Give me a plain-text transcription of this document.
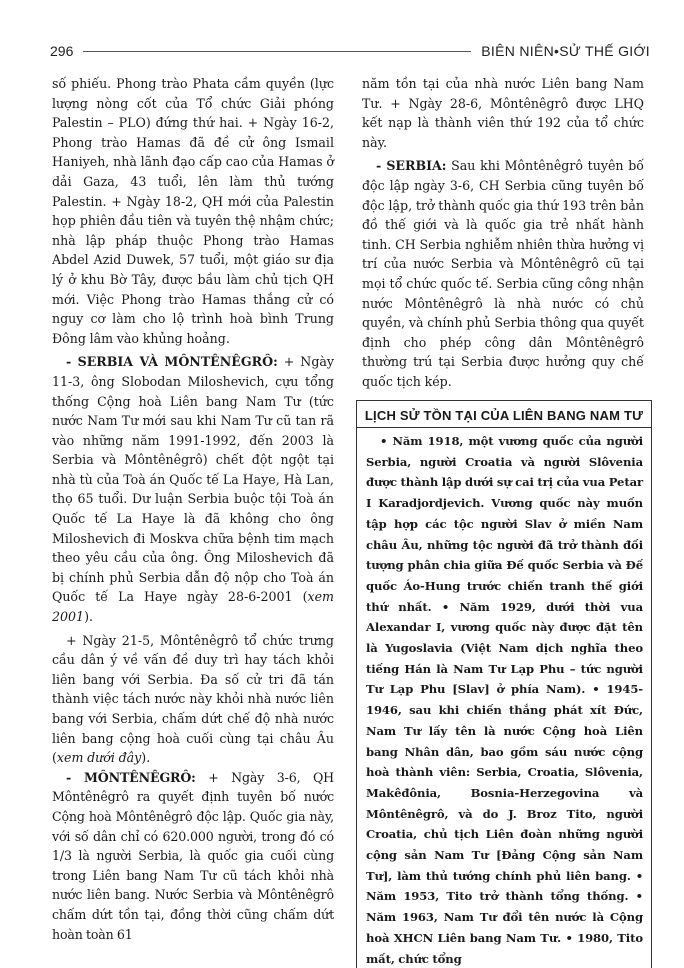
296	BIÊN NIÊN•SỬ THẾ GIỚI

số phiếu. Phong trào Phata cầm quyền (lực lượng nòng cốt của Tổ chức Giải phóng Palestin – PLO) đứng thứ hai. + Ngày 16-2, Phong trào Hamas đã đề cử ông Ismail Haniyeh, nhà lãnh đạo cấp cao của Hamas ở dải Gaza, 43 tuổi, lên làm thủ tướng Palestin. + Ngày 18-2, QH mới của Palestin họp phiên đầu tiên và tuyên thệ nhậm chức; nhà lập pháp thuộc Phong trào Hamas Abdel Azid Duwek, 57 tuổi, một giáo sư địa lý ở khu Bờ Tây, được bầu làm chủ tịch QH mới. Việc Phong trào Hamas thắng cử có nguy cơ làm cho lộ trình hoà bình Trung Đông lâm vào khủng hoảng.

- SERBIA VÀ MÔNTÊNÊGRÔ: + Ngày 11-3, ông Slobodan Miloshevich, cựu tổng thống Cộng hoà Liên bang Nam Tư (tức nước Nam Tư mới sau khi Nam Tư cũ tan rã vào những năm 1991-1992, đến 2003 là Serbia và Môntênêgrô) chết đột ngột tại nhà tù của Toà án Quốc tế La Haye, Hà Lan, thọ 65 tuổi. Dư luận Serbia buộc tội Toà án Quốc tế La Haye là đã không cho ông Miloshevich đi Moskva chữa bệnh tim mạch theo yêu cầu của ông. Ông Miloshevich đã bị chính phủ Serbia dẫn độ nộp cho Toà án Quốc tế La Haye ngày 28-6-2001 (xem 2001).

+ Ngày 21-5, Môntênêgrô tổ chức trưng cầu dân ý về vấn đề duy trì hay tách khỏi liên bang với Serbia. Đa số cử tri đã tán thành việc tách nước này khỏi nhà nước liên bang với Serbia, chấm dứt chế độ nhà nước liên bang cộng hoà cuối cùng tại châu Âu (xem dưới đây).

- MÔNTÊNÊGRÔ: + Ngày 3-6, QH Môntênêgrô ra quyết định tuyên bố nước Cộng hoà Môntênêgrô độc lập. Quốc gia này, với số dân chỉ có 620.000 người, trong đó có 1/3 là người Serbia, là quốc gia cuối cùng trong Liên bang Nam Tư cũ tách khỏi nhà nước liên bang. Nước Serbia và Môntênêgrô chấm dứt tồn tại, đồng thời cũng chấm dứt hoàn toàn 61

năm tồn tại của nhà nước Liên bang Nam Tư. + Ngày 28-6, Môntênêgrô được LHQ kết nạp là thành viên thứ 192 của tổ chức này.

- SERBIA: Sau khi Môntênêgrô tuyên bố độc lập ngày 3-6, CH Serbia cũng tuyên bố độc lập, trở thành quốc gia thứ 193 trên bản đồ thế giới và là quốc gia trẻ nhất hành tinh. CH Serbia nghiễm nhiên thừa hưởng vị trí của nước Serbia và Môntênêgrô cũ tại mọi tổ chức quốc tế. Serbia cũng công nhận nước Môntênêgrô là nhà nước có chủ quyền, và chính phủ Serbia thông qua quyết định cho phép công dân Môntênêgrô thường trú tại Serbia được hưởng quy chế quốc tịch kép.

LỊCH SỬ TỒN TẠI CỦA LIÊN BANG NAM TƯ

• Năm 1918, một vương quốc của người Serbia, người Croatia và người Slôvenia được thành lập dưới sự cai trị của vua Petar I Karadjordjevich. Vương quốc này muốn tập hợp các tộc người Slav ở miền Nam châu Âu, những tộc người đã trở thành đối tượng phân chia giữa Đế quốc Serbia và Đế quốc Áo-Hung trước chiến tranh thế giới thứ nhất. • Năm 1929, dưới thời vua Alexandar I, vương quốc này được đặt tên là Yugoslavia (Việt Nam dịch nghĩa theo tiếng Hán là Nam Tư Lạp Phu – tức người Tư Lạp Phu [Slav] ở phía Nam). • 1945-1946, sau khi chiến thắng phát xít Đức, Nam Tư lấy tên là nước Cộng hoà Liên bang Nhân dân, bao gồm sáu nước cộng hoà thành viên: Serbia, Croatia, Slôvenia, Makêđônia, Bosnia-Herzegovina và Môntênêgrô, và do J. Broz Tito, người Croatia, chủ tịch Liên đoàn những người cộng sản Nam Tư [Đảng Cộng sản Nam Tư], làm thủ tướng chính phủ liên bang. • Năm 1953, Tito trở thành tổng thống. • Năm 1963, Nam Tư đổi tên nước là Cộng hoà XHCN Liên bang Nam Tư. • 1980, Tito mất, chức tổng
